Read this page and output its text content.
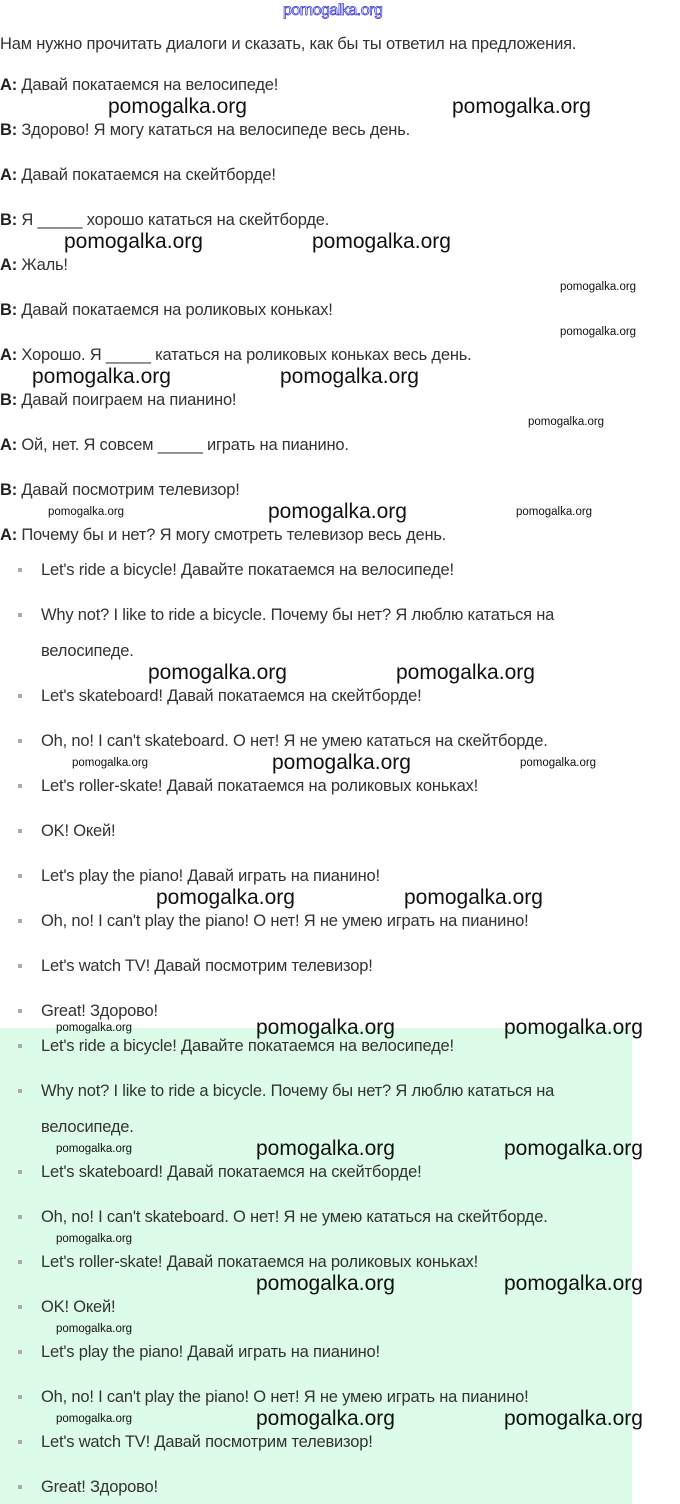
pomogalka.org
Нам нужно прочитать диалоги и сказать, как бы ты ответил на предложения.
A: Давай покатаемся на велосипеде!
B: Здорово! Я могу кататься на велосипеде весь день.
A: Давай покатаемся на скейтборде!
B: Я _____ хорошо кататься на скейтборде.
A: Жаль!
B: Давай покатаемся на роликовых коньках!
A: Хорошо. Я _____ кататься на роликовых коньках весь день.
B: Давай поиграем на пианино!
A: Ой, нет. Я совсем _____ играть на пианино.
B: Давай посмотрим телевизор!
A: Почему бы и нет? Я могу смотреть телевизор весь день.
Let's ride a bicycle! Давайте покатаемся на велосипеде!
Why not? I like to ride a bicycle. Почему бы нет? Я люблю кататься на
велосипеде.
Let's skateboard! Давай покатаемся на скейтборде!
Oh, no! I can't skateboard. О нет! Я не умею кататься на скейтборде.
Let's roller-skate! Давай покатаемся на роликовых коньках!
OK! Окей!
Let's play the piano! Давай играть на пианино!
Oh, no! I can't play the piano! О нет! Я не умею играть на пианино!
Let's watch TV! Давай посмотрим телевизор!
Great! Здорово!
Let's ride a bicycle! Давайте покатаемся на велосипеде!
Why not? I like to ride a bicycle. Почему бы нет? Я люблю кататься на
велосипеде.
Let's skateboard! Давай покатаемся на скейтборде!
Oh, no! I can't skateboard. О нет! Я не умею кататься на скейтборде.
Let's roller-skate! Давай покатаемся на роликовых коньках!
OK! Окей!
Let's play the piano! Давай играть на пианино!
Oh, no! I can't play the piano! О нет! Я не умею играть на пианино!
Let's watch TV! Давай посмотрим телевизор!
Great! Здорово!
pomogalka.org	pomogalka.org
pomogalka.org	pomogalka.org
pomogalka.org	pomogalka.org
pomogalka.org
pomogalka.org	pomogalka.org
pomogalka.org
pomogalka.org	pomogalka.org
pomogalka.org	pomogalka.org
pomogalka.org	pomogalka.org
pomogalka.org	pomogalka.org
pomogalka.org	pomogalka.org
pomogalka.org
pomogalka.org
pomogalka.org
pomogalka.org
pomogalka.org
pomogalka.org	pomogalka.org
pomogalka.org
pomogalka.org
pomogalka.org
pomogalka.org
pomogalka.org
